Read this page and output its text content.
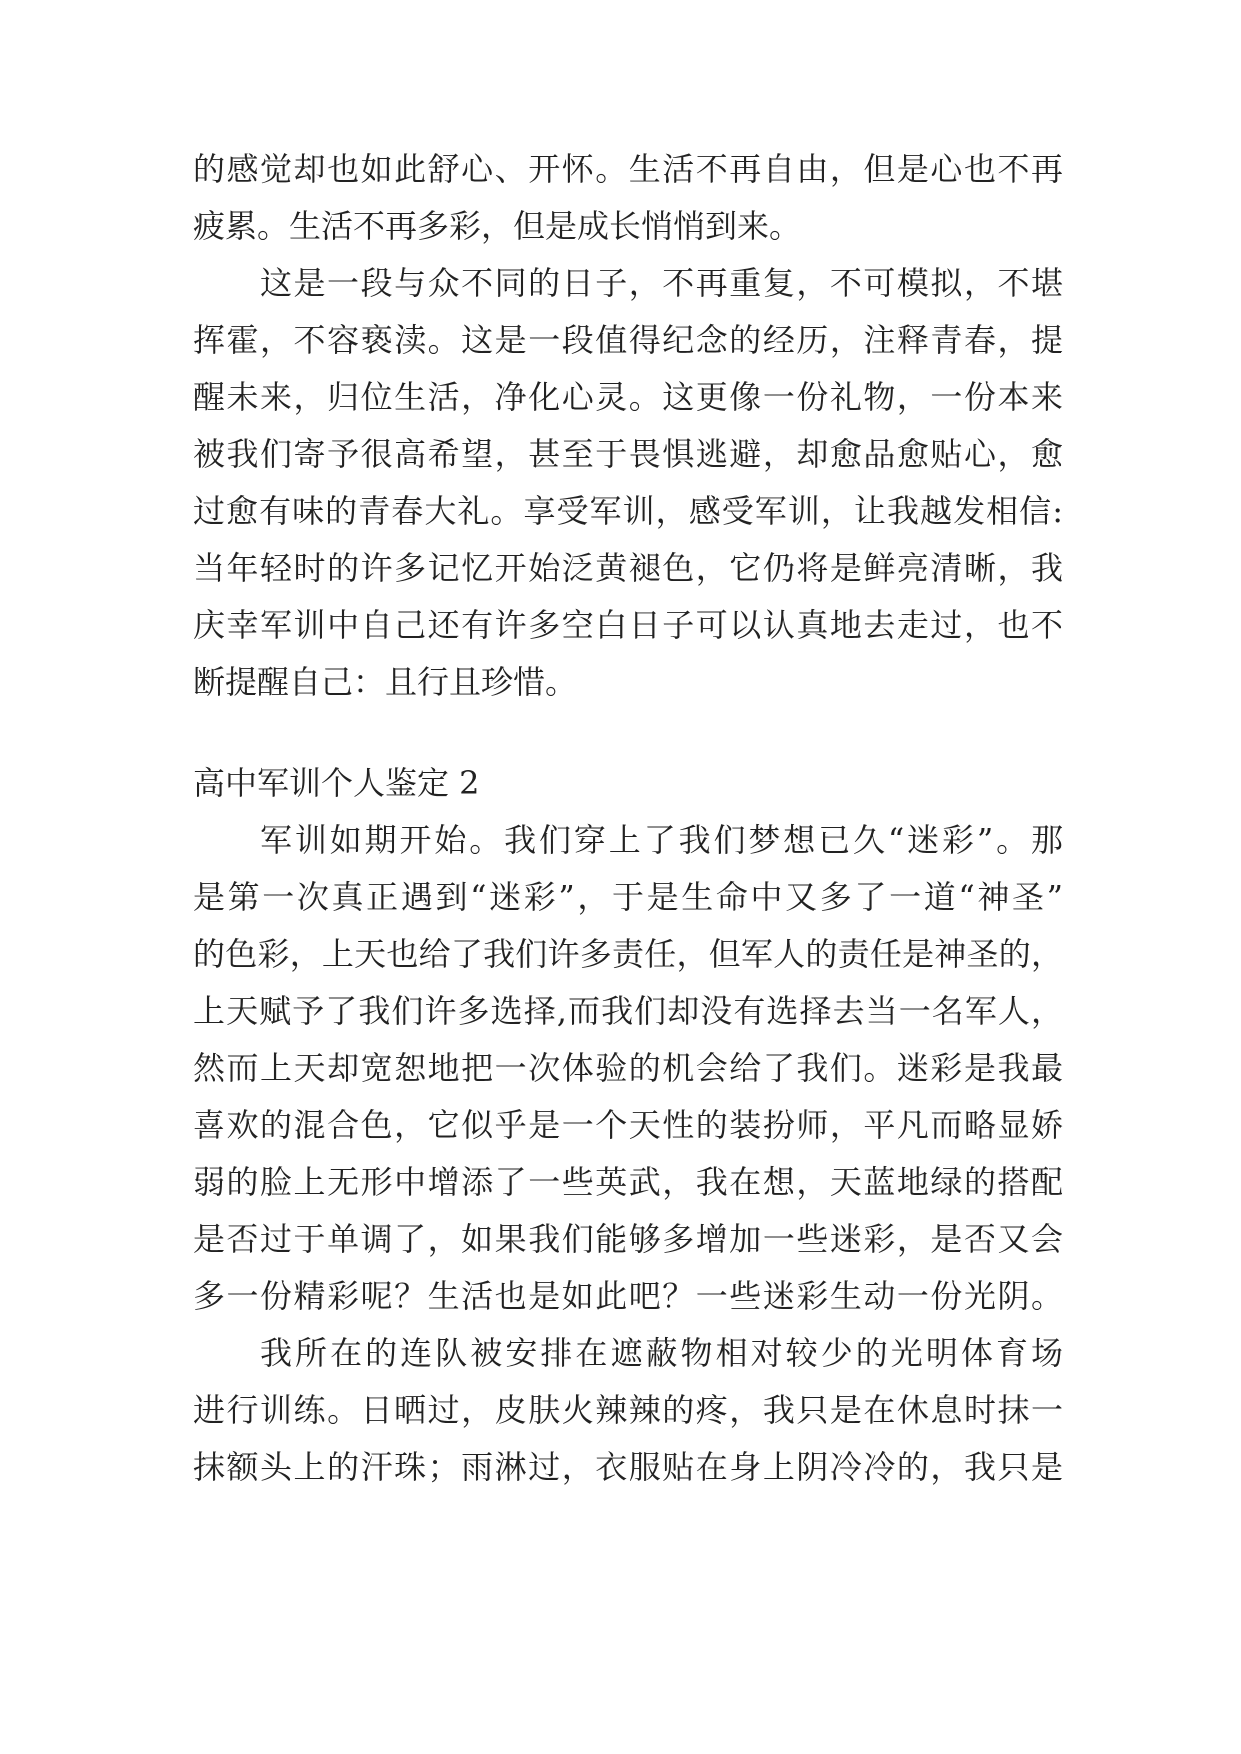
的感觉却也如此舒心、开怀。生活不再自由，但是心也不再
疲累。生活不再多彩，但是成长悄悄到来。
这是一段与众不同的日子，不再重复，不可模拟，不堪
挥霍，不容亵渎。这是一段值得纪念的经历，注释青春，提
醒未来，归位生活，净化心灵。这更像一份礼物，一份本来
被我们寄予很高希望，甚至于畏惧逃避，却愈品愈贴心，愈
过愈有味的青春大礼。享受军训，感受军训，让我越发相信:
当年轻时的许多记忆开始泛黄褪色，它仍将是鲜亮清晰，我
庆幸军训中自己还有许多空白日子可以认真地去走过，也不
断提醒自己：且行且珍惜。
高中军训个人鉴定 2
军训如期开始。我们穿上了我们梦想已久“迷彩”。那
是第一次真正遇到“迷彩”，于是生命中又多了一道“神圣”
的色彩，上天也给了我们许多责任，但军人的责任是神圣的，
上天赋予了我们许多选择,而我们却没有选择去当一名军人，
然而上天却宽恕地把一次体验的机会给了我们。迷彩是我最
喜欢的混合色，它似乎是一个天性的装扮师，平凡而略显娇
弱的脸上无形中增添了一些英武，我在想，天蓝地绿的搭配
是否过于单调了，如果我们能够多增加一些迷彩，是否又会
多一份精彩呢？生活也是如此吧？一些迷彩生动一份光阴。
我所在的连队被安排在遮蔽物相对较少的光明体育场
进行训练。日晒过，皮肤火辣辣的疼，我只是在休息时抹一
抹额头上的汗珠；雨淋过，衣服贴在身上阴冷冷的，我只是
